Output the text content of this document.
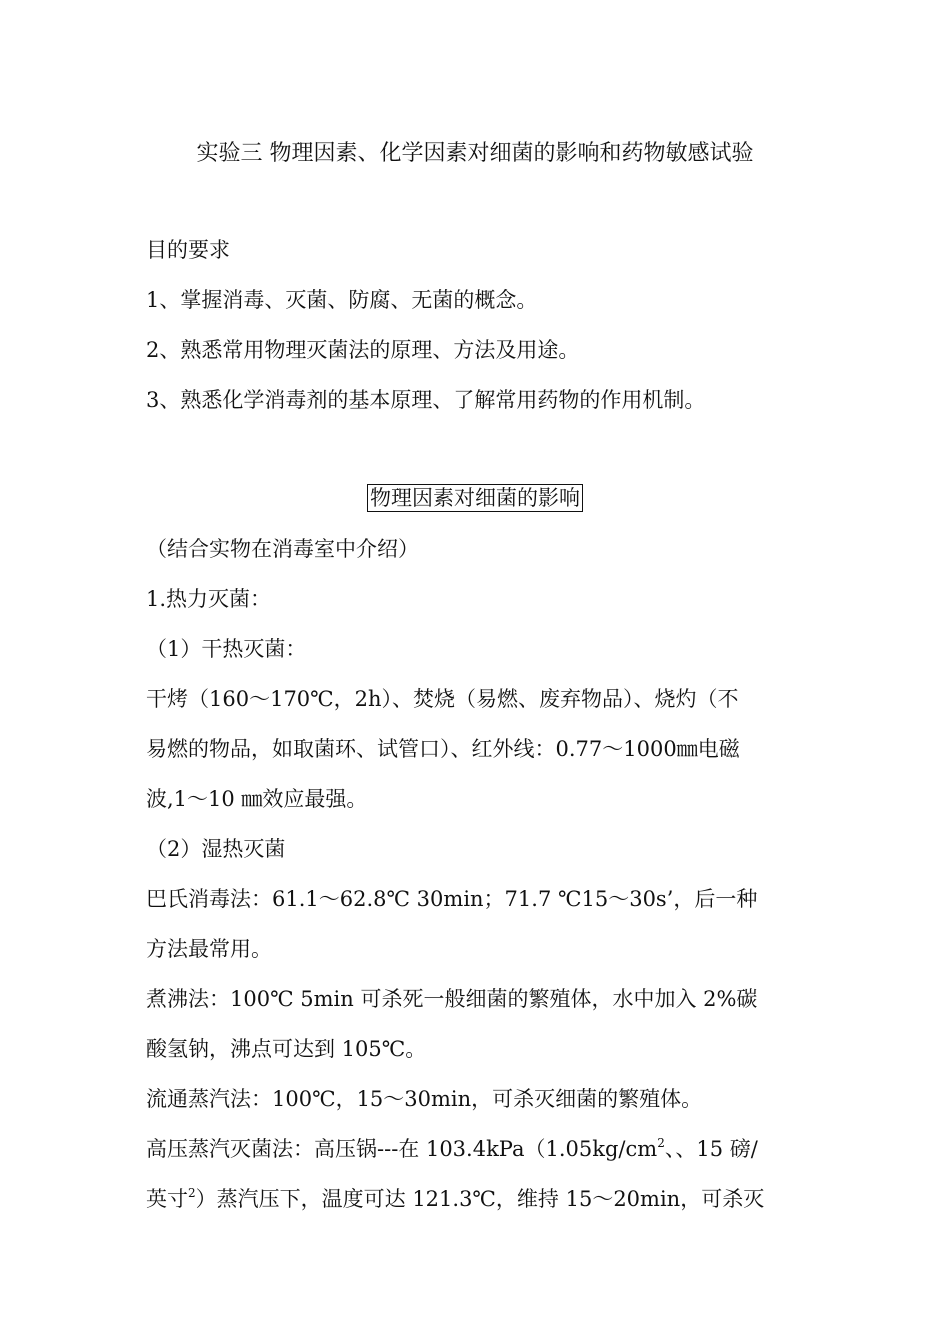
实验三 物理因素、化学因素对细菌的影响和药物敏感试验
目的要求
1、掌握消毒、灭菌、防腐、无菌的概念。
2、熟悉常用物理灭菌法的原理、方法及用途。
3、熟悉化学消毒剂的基本原理、了解常用药物的作用机制。
物理因素对细菌的影响
（结合实物在消毒室中介绍）
1.热力灭菌：
（1）干热灭菌：
干烤（160～170℃，2h）、焚烧（易燃、废弃物品）、烧灼（不
易燃的物品，如取菌环、试管口）、红外线：0.77～1000㎜电磁
波,1～10 ㎜效应最强。
（2）湿热灭菌
巴氏消毒法：61.1～62.8℃ 30min；71.7 ℃15～30s’，后一种
方法最常用。
煮沸法：100℃ 5min 可杀死一般细菌的繁殖体，水中加入 2%碳
酸氢钠，沸点可达到 105℃。
流通蒸汽法：100℃，15～30min，可杀灭细菌的繁殖体。
高压蒸汽灭菌法：高压锅---在 $103.4kPa(1.05kg/cm^2$、、15 磅/
英寸$^2$）蒸汽压下，温度可达 121.3℃，维持 15～20min，可杀灭
